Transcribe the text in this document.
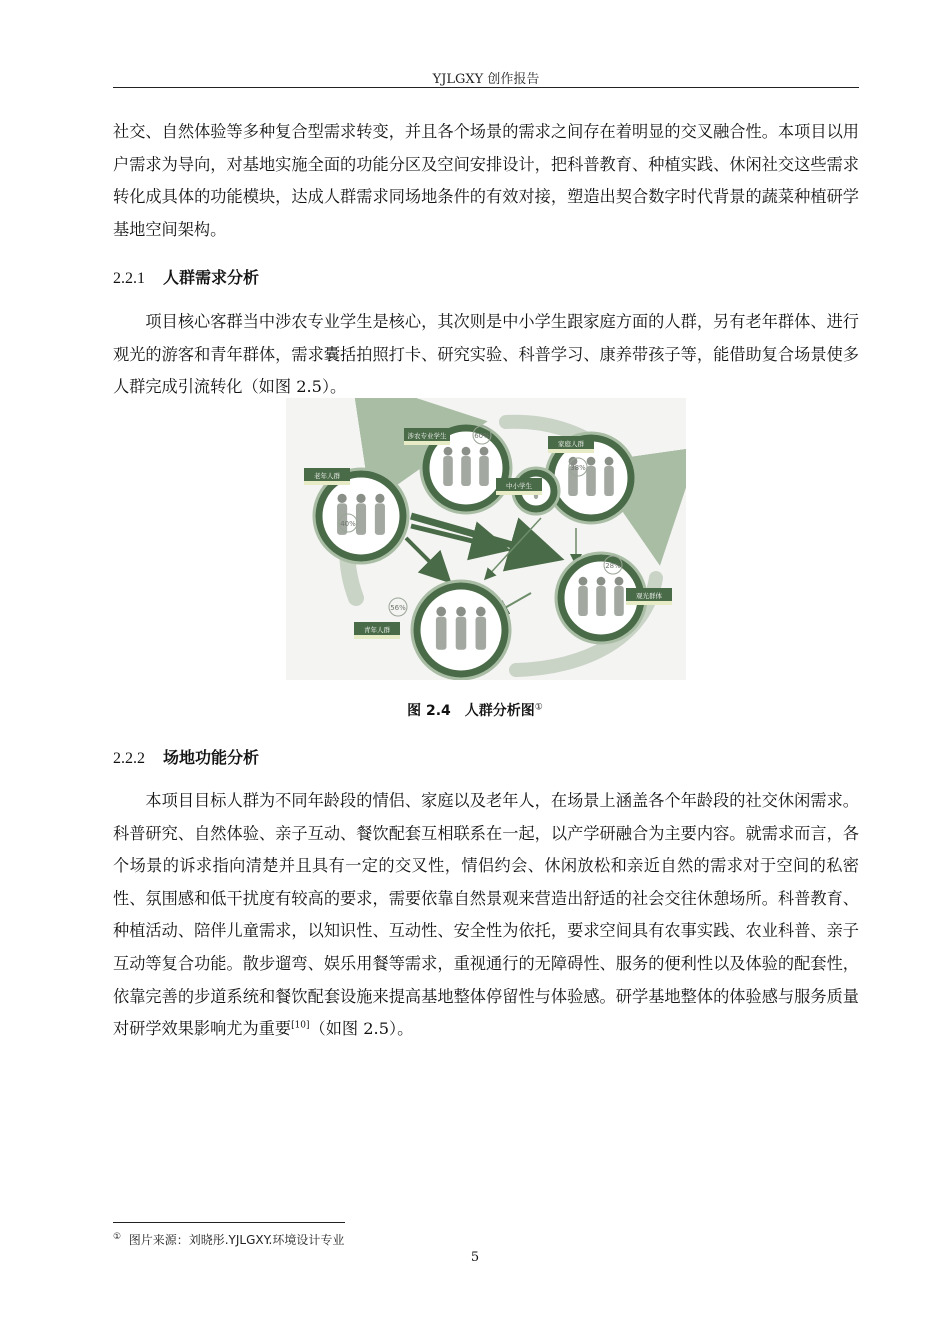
YJLGXY 创作报告

社交、自然体验等多种复合型需求转变，并且各个场景的需求之间存在着明显的交叉融合性。本项目以用户需求为导向，对基地实施全面的功能分区及空间安排设计，把科普教育、种植实践、休闲社交这些需求转化成具体的功能模块，达成人群需求同场地条件的有效对接，塑造出契合数字时代背景的蔬菜种植研学基地空间架构。

2.2.1 人群需求分析

项目核心客群当中涉农专业学生是核心，其次则是中小学生跟家庭方面的人群，另有老年群体、进行观光的游客和青年群体，需求囊括拍照打卡、研究实验、科普学习、康养带孩子等，能借助复合场景使多人群完成引流转化（如图 2.5）。

老年人群
40%
涉农专业学生	60%
家庭人群
38%
中小学生
观光群体
28%
青年人群
56%
图 2.4　人群分析图①
2.2.2 场地功能分析

本项目目标人群为不同年龄段的情侣、家庭以及老年人，在场景上涵盖各个年龄段的社交休闲需求。科普研究、自然体验、亲子互动、餐饮配套互相联系在一起，以产学研融合为主要内容。就需求而言，各个场景的诉求指向清楚并且具有一定的交叉性，情侣约会、休闲放松和亲近自然的需求对于空间的私密性、氛围感和低干扰度有较高的要求，需要依靠自然景观来营造出舒适的社会交往休憩场所。科普教育、种植活动、陪伴儿童需求，以知识性、互动性、安全性为依托，要求空间具有农事实践、农业科普、亲子互动等复合功能。散步遛弯、娱乐用餐等需求，重视通行的无障碍性、服务的便利性以及体验的配套性，依靠完善的步道系统和餐饮配套设施来提高基地整体停留性与体验感。研学基地整体的体验感与服务质量对研学效果影响尤为重要[10]（如图 2.5）。

① 图片来源：刘晓彤.YJLGXY.环境设计专业
5
